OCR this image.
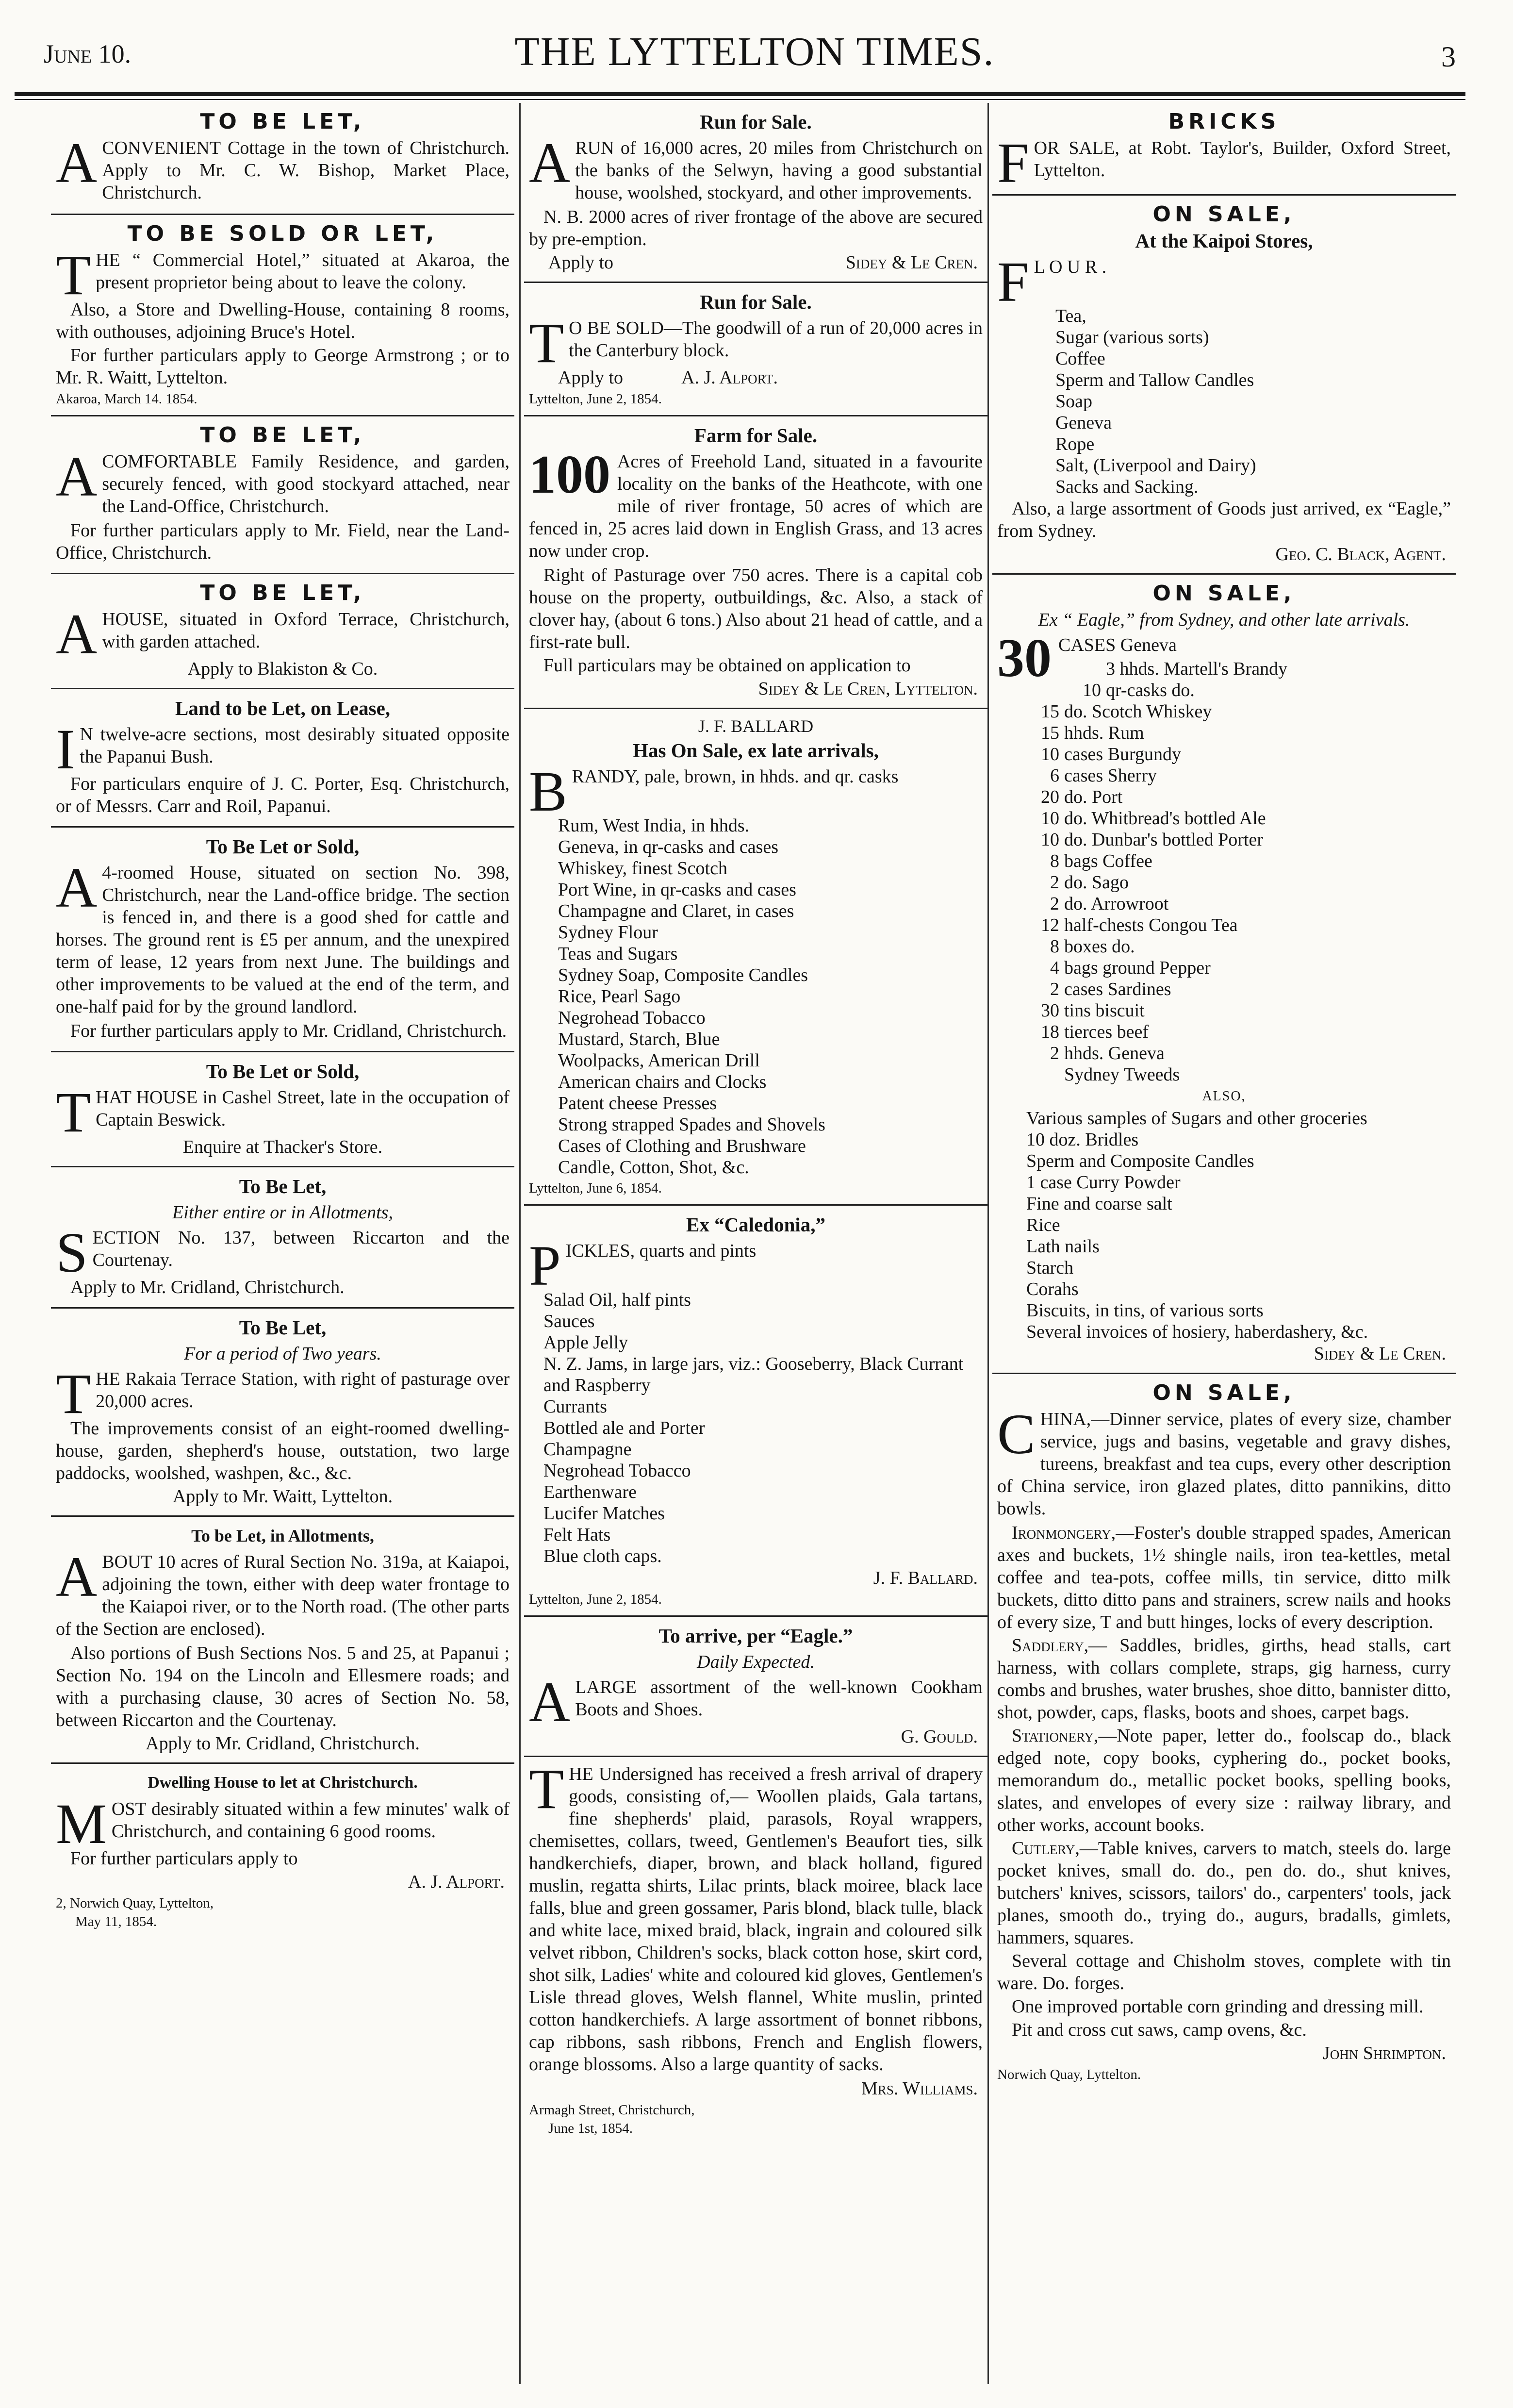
June 10.	THE LYTTELTON TIMES.	3
TO BE LET,
ACONVENIENT Cottage in the town of Christchurch. Apply to Mr. C. W. Bishop, Market Place, Christchurch.
TO BE SOLD OR LET,
THE “ Commercial Hotel,” situated at Akaroa, the present proprietor being about to leave the colony.
Also, a Store and Dwelling-House, containing 8 rooms, with outhouses, adjoining Bruce's Hotel.
For further particulars apply to George Armstrong ; or to Mr. R. Waitt, Lyttelton.
Akaroa, March 14. 1854.
TO BE LET,
ACOMFORTABLE Family Residence, and garden, securely fenced, with good stockyard attached, near the Land-Office, Christchurch.
For further particulars apply to Mr. Field, near the Land-Office, Christchurch.
TO BE LET,
AHOUSE, situated in Oxford Terrace, Christchurch, with garden attached.
Apply to Blakiston & Co.
Land to be Let, on Lease,
I N twelve-acre sections, most desirably situated opposite the Papanui Bush.
For particulars enquire of J. C. Porter, Esq. Christchurch, or of Messrs. Carr and Roil, Papanui.
To Be Let or Sold,
A 4-roomed House, situated on section No. 398, Christchurch, near the Land-office bridge. The section is fenced in, and there is a good shed for cattle and horses. The ground rent is £5 per annum, and the unexpired term of lease, 12 years from next June. The buildings and other improvements to be valued at the end of the term, and one-half paid for by the ground landlord.
For further particulars apply to Mr. Cridland, Christchurch.
To Be Let or Sold,
THAT HOUSE in Cashel Street, late in the occupation of Captain Beswick.
Enquire at Thacker's Store.
To Be Let,
Either entire or in Allotments,
SECTION No. 137, between Riccarton and the Courtenay.
Apply to Mr. Cridland, Christchurch.
To Be Let,
For a period of Two years.
THE Rakaia Terrace Station, with right of pasturage over 20,000 acres.
The improvements consist of an eight-roomed dwelling-house, garden, shepherd's house, outstation, two large paddocks, woolshed, washpen, &c., &c.
Apply to Mr. Waitt, Lyttelton.
To be Let, in Allotments,
ABOUT 10 acres of Rural Section No. 319a, at Kaiapoi, adjoining the town, either with deep water frontage to the Kaiapoi river, or to the North road. (The other parts of the Section are enclosed).
Also portions of Bush Sections Nos. 5 and 25, at Papanui ; Section No. 194 on the Lincoln and Ellesmere roads; and with a purchasing clause, 30 acres of Section No. 58, between Riccarton and the Courtenay.
Apply to Mr. Cridland, Christchurch.
Dwelling House to let at Christchurch.
MOST desirably situated within a few minutes' walk of Christchurch, and containing 6 good rooms.
For further particulars apply to
A. J. Alport.
2, Norwich Quay, Lyttelton,
May 11, 1854.
Run for Sale.
ARUN of 16,000 acres, 20 miles from Christchurch on the banks of the Selwyn, having a good substantial house, woolshed, stockyard, and other improvements.
N. B. 2000 acres of river frontage of the above are secured by pre-emption.
Apply to	Sidey & Le Cren.
Run for Sale.
T O BE SOLD—The goodwill of a run of 20,000 acres in the Canterbury block.
Apply to	A. J. Alport.
Lyttelton, June 2, 1854.
Farm for Sale.
100 Acres of Freehold Land, situated in a favourite locality on the banks of the Heathcote, with one mile of river frontage, 50 acres of which are fenced in, 25 acres laid down in English Grass, and 13 acres now under crop.
Right of Pasturage over 750 acres. There is a capital cob house on the property, outbuildings, &c. Also, a stack of clover hay, (about 6 tons.) Also about 21 head of cattle, and a first-rate bull.
Full particulars may be obtained on application to
Sidey & Le Cren, Lyttelton.
J. F. BALLARD
Has On Sale, ex late arrivals,
BRANDY, pale, brown, in hhds. and qr. casks
Rum, West India, in hhds.
Geneva, in qr-casks and cases
Whiskey, finest Scotch
Port Wine, in qr-casks and cases
Champagne and Claret, in cases
Sydney Flour
Teas and Sugars
Sydney Soap, Composite Candles
Rice, Pearl Sago
Negrohead Tobacco
Mustard, Starch, Blue
Woolpacks, American Drill
American chairs and Clocks
Patent cheese Presses
Strong strapped Spades and Shovels
Cases of Clothing and Brushware
Candle, Cotton, Shot, &c.
Lyttelton, June 6, 1854.
Ex “Caledonia,”
PICKLES, quarts and pints
Salad Oil, half pints
Sauces
Apple Jelly
N. Z. Jams, in large jars, viz.: Gooseberry, Black Currant and Raspberry
Currants
Bottled ale and Porter
Champagne
Negrohead Tobacco
Earthenware
Lucifer Matches
Felt Hats
Blue cloth caps.
J. F. Ballard.
Lyttelton, June 2, 1854.
To arrive, per “Eagle.”
Daily Expected.
ALARGE assortment of the well-known Cookham Boots and Shoes.
G. Gould.
THE Undersigned has received a fresh arrival of drapery goods, consisting of,— Woollen plaids, Gala tartans, fine shepherds' plaid, parasols, Royal wrappers, chemisettes, collars, tweed, Gentlemen's Beaufort ties, silk handkerchiefs, diaper, brown, and black holland, figured muslin, regatta shirts, Lilac prints, black moiree, black lace falls, blue and green gossamer, Paris blond, black tulle, black and white lace, mixed braid, black, ingrain and coloured silk velvet ribbon, Children's socks, black cotton hose, skirt cord, shot silk, Ladies' white and coloured kid gloves, Gentlemen's Lisle thread gloves, Welsh flannel, White muslin, printed cotton handkerchiefs. A large assortment of bonnet ribbons, cap ribbons, sash ribbons, French and English flowers, orange blossoms. Also a large quantity of sacks.
Mrs. Williams.
Armagh Street, Christchurch,
June 1st, 1854.
BRICKS
FOR SALE, at Robt. Taylor's, Builder, Oxford Street, Lyttelton.
ON SALE,
At the Kaipoi Stores,
F L O U R .
Tea,
Sugar (various sorts)
Coffee
Sperm and Tallow Candles
Soap
Geneva
Rope
Salt, (Liverpool and Dairy)
Sacks and Sacking.
Also, a large assortment of Goods just arrived, ex “Eagle,” from Sydney.
Geo. C. Black, Agent.
ON SALE,
Ex “ Eagle,” from Sydney, and other late arrivals.
30 CASES Geneva
3 hhds. Martell's Brandy
10 qr-casks do.
15 do. Scotch Whiskey
15 hhds. Rum
10 cases Burgundy
6 cases Sherry
20 do. Port
10 do. Whitbread's bottled Ale
10 do. Dunbar's bottled Porter
8 bags Coffee
2 do. Sago
2 do. Arrowroot
12 half-chests Congou Tea
8 boxes do.
4 bags ground Pepper
2 cases Sardines
30 tins biscuit
18 tierces beef
2 hhds. Geneva
Sydney Tweeds
ALSO,
Various samples of Sugars and other groceries
10 doz. Bridles
Sperm and Composite Candles
1 case Curry Powder
Fine and coarse salt
Rice
Lath nails
Starch
Corahs
Biscuits, in tins, of various sorts
Several invoices of hosiery, haberdashery, &c.
Sidey & Le Cren.
ON SALE,
CHINA,—Dinner service, plates of every size, chamber service, jugs and basins, vegetable and gravy dishes, tureens, breakfast and tea cups, every other description of China service, iron glazed plates, ditto pannikins, ditto bowls.
Ironmongery,—Foster's double strapped spades, American axes and buckets, 1½ shingle nails, iron tea-kettles, metal coffee and tea-pots, coffee mills, tin service, ditto milk buckets, ditto ditto pans and strainers, screw nails and hooks of every size, T and butt hinges, locks of every description.
Saddlery,— Saddles, bridles, girths, head stalls, cart harness, with collars complete, straps, gig harness, curry combs and brushes, water brushes, shoe ditto, bannister ditto, shot, powder, caps, flasks, boots and shoes, carpet bags.
Stationery,—Note paper, letter do., foolscap do., black edged note, copy books, cyphering do., pocket books, memorandum do., metallic pocket books, spelling books, slates, and envelopes of every size : railway library, and other works, account books.
Cutlery,—Table knives, carvers to match, steels do. large pocket knives, small do. do., pen do. do., shut knives, butchers' knives, scissors, tailors' do., carpenters' tools, jack planes, smooth do., trying do., augurs, bradalls, gimlets, hammers, squares.
Several cottage and Chisholm stoves, complete with tin ware. Do. forges.
One improved portable corn grinding and dressing mill.
Pit and cross cut saws, camp ovens, &c.
John Shrimpton.
Norwich Quay, Lyttelton.
